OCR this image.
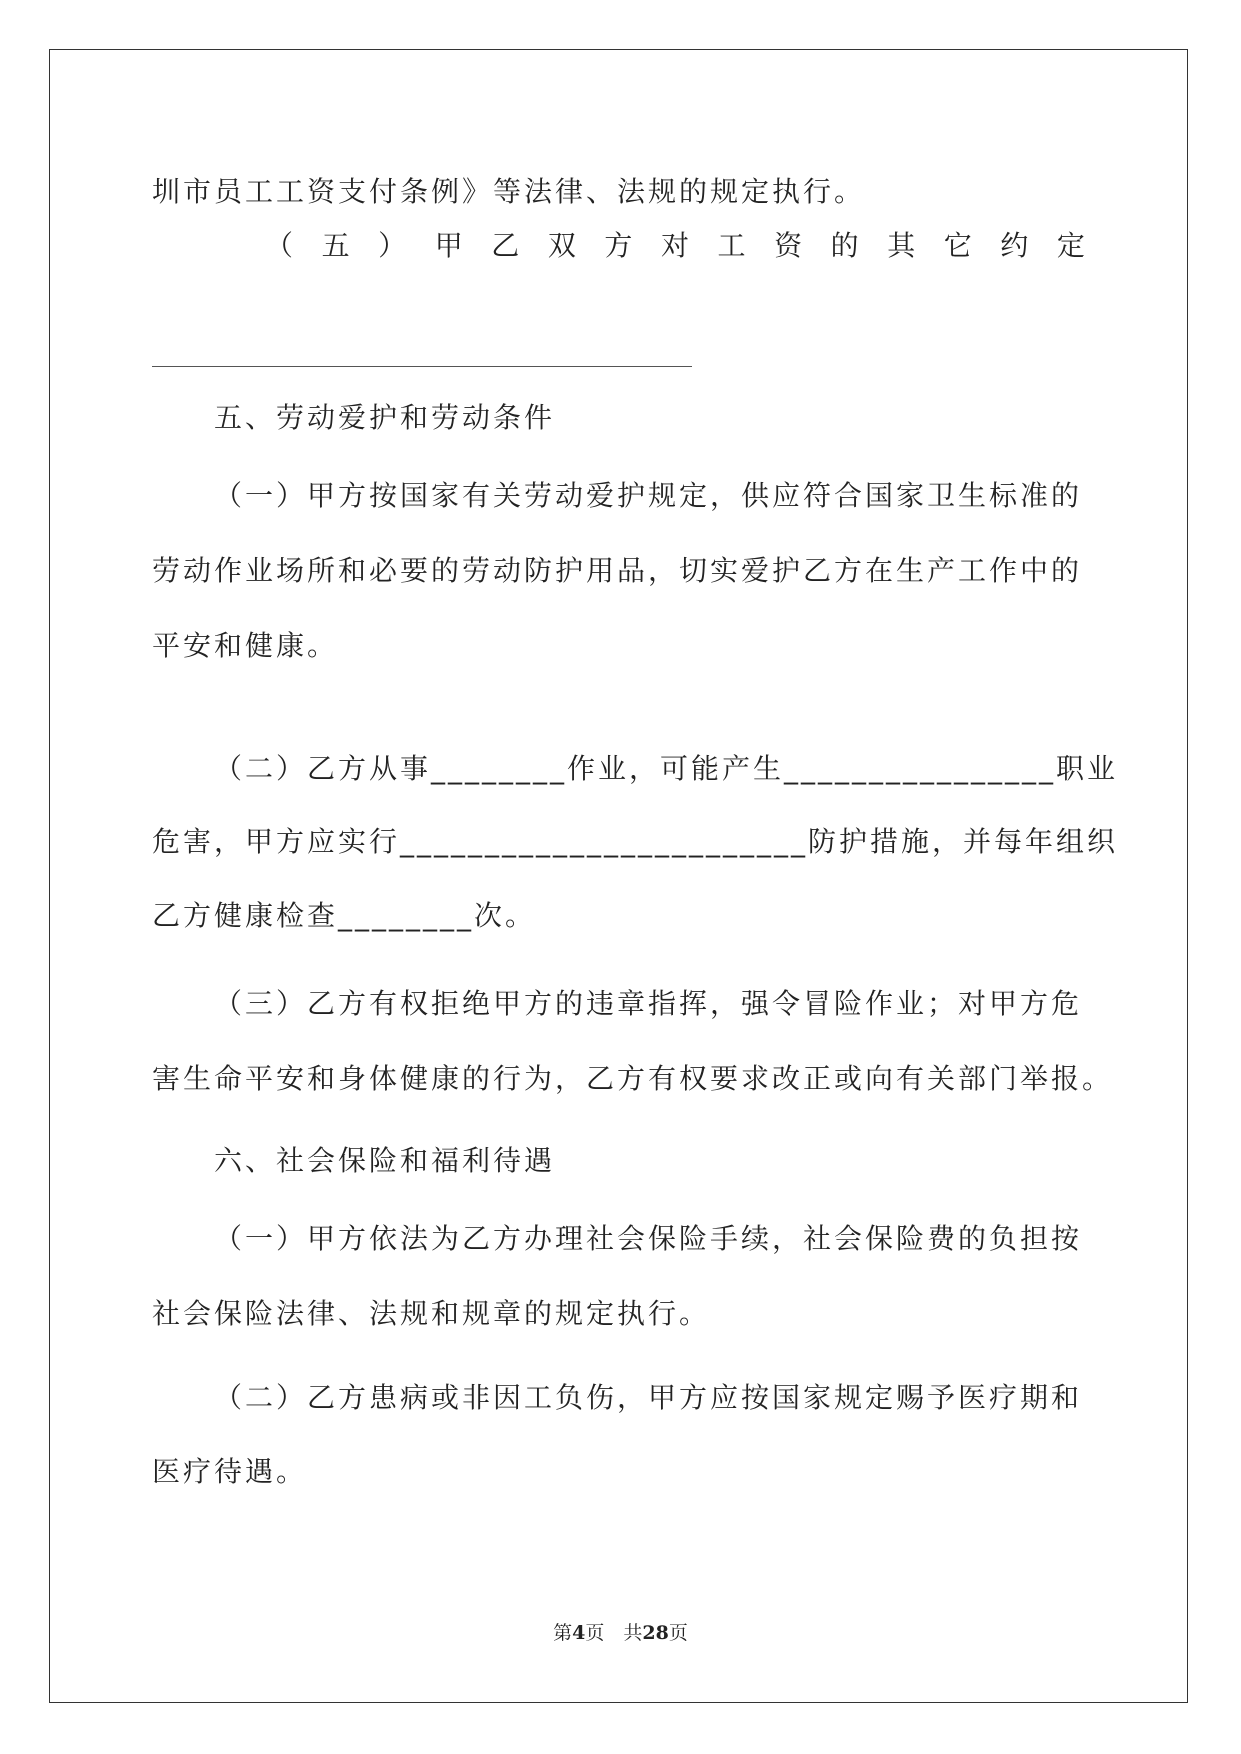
圳市员工工资支付条例》等法律、法规的规定执行。
（ 五 ） 甲 乙 双 方 对 工 资 的 其 它 约 定
五、劳动爱护和劳动条件
（一）甲方按国家有关劳动爱护规定，供应符合国家卫生标准的
劳动作业场所和必要的劳动防护用品，切实爱护乙方在生产工作中的
平安和健康。
（二）乙方从事________作业，可能产生________________职业
危害，甲方应实行________________________防护措施，并每年组织
乙方健康检查________次。
（三）乙方有权拒绝甲方的违章指挥，强令冒险作业；对甲方危
害生命平安和身体健康的行为，乙方有权要求改正或向有关部门举报。
六、社会保险和福利待遇
（一）甲方依法为乙方办理社会保险手续，社会保险费的负担按
社会保险法律、法规和规章的规定执行。
（二）乙方患病或非因工负伤，甲方应按国家规定赐予医疗期和
医疗待遇。
第4页　共28页
